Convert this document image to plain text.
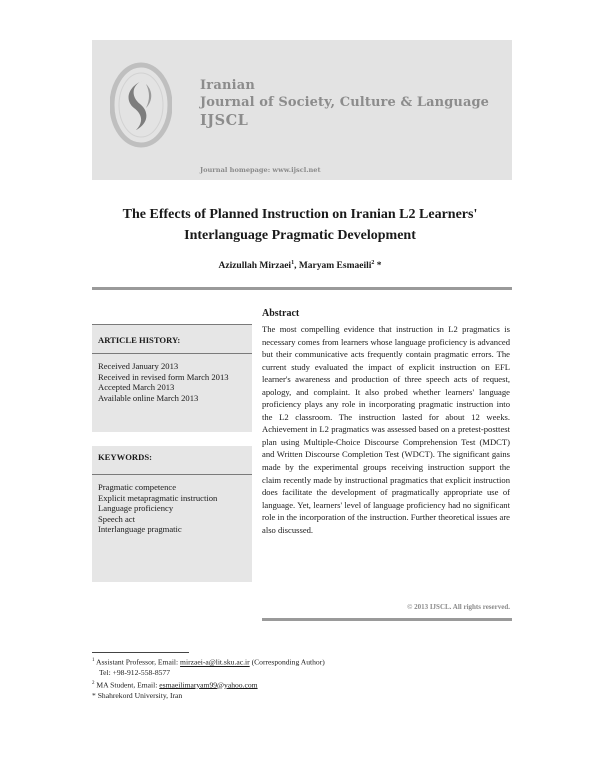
Iranian
Journal of Society, Culture & Language
IJSCL
Journal homepage: www.ijscl.net
The Effects of Planned Instruction on Iranian L2 Learners'
Interlanguage Pragmatic Development
Azizullah Mirzaei$^1$, Maryam Esmaeili$^2$ *
ARTICLE HISTORY:
Received January 2013
Received in revised form March 2013
Accepted March 2013
Available online March 2013
KEYWORDS:
Pragmatic competence
Explicit metapragmatic instruction
Language proficiency
Speech act
Interlanguage pragmatic
Abstract
The most compelling evidence that instruction in L2 pragmatics is necessary comes from learners whose language proficiency is advanced but their communicative acts frequently contain pragmatic errors. The current study evaluated the impact of explicit instruction on EFL learner's awareness and production of three speech acts of request, apology, and complaint. It also probed whether learners' language proficiency plays any role in incorporating pragmatic instruction into the L2 classroom. The instruction lasted for about 12 weeks. Achievement in L2 pragmatics was assessed based on a pretest-posttest plan using Multiple-Choice Discourse Comprehension Test (MDCT) and Written Discourse Completion Test (WDCT). The significant gains made by the experimental groups receiving instruction support the claim recently made by instructional pragmatics that explicit instruction does facilitate the development of pragmatically appropriate use of language. Yet, learners' level of language proficiency had no significant role in the incorporation of the instruction. Further theoretical issues are also discussed.
© 2013 IJSCL. All rights reserved.
$^1$ Assistant Professor, Email: mirzaei-a@lit.sku.ac.ir (Corresponding Author)
Tel: +98-912-558-8577
$^2$ MA Student, Email: esmaeilimaryam99@yahoo.com
* Shahrekord University, Iran
